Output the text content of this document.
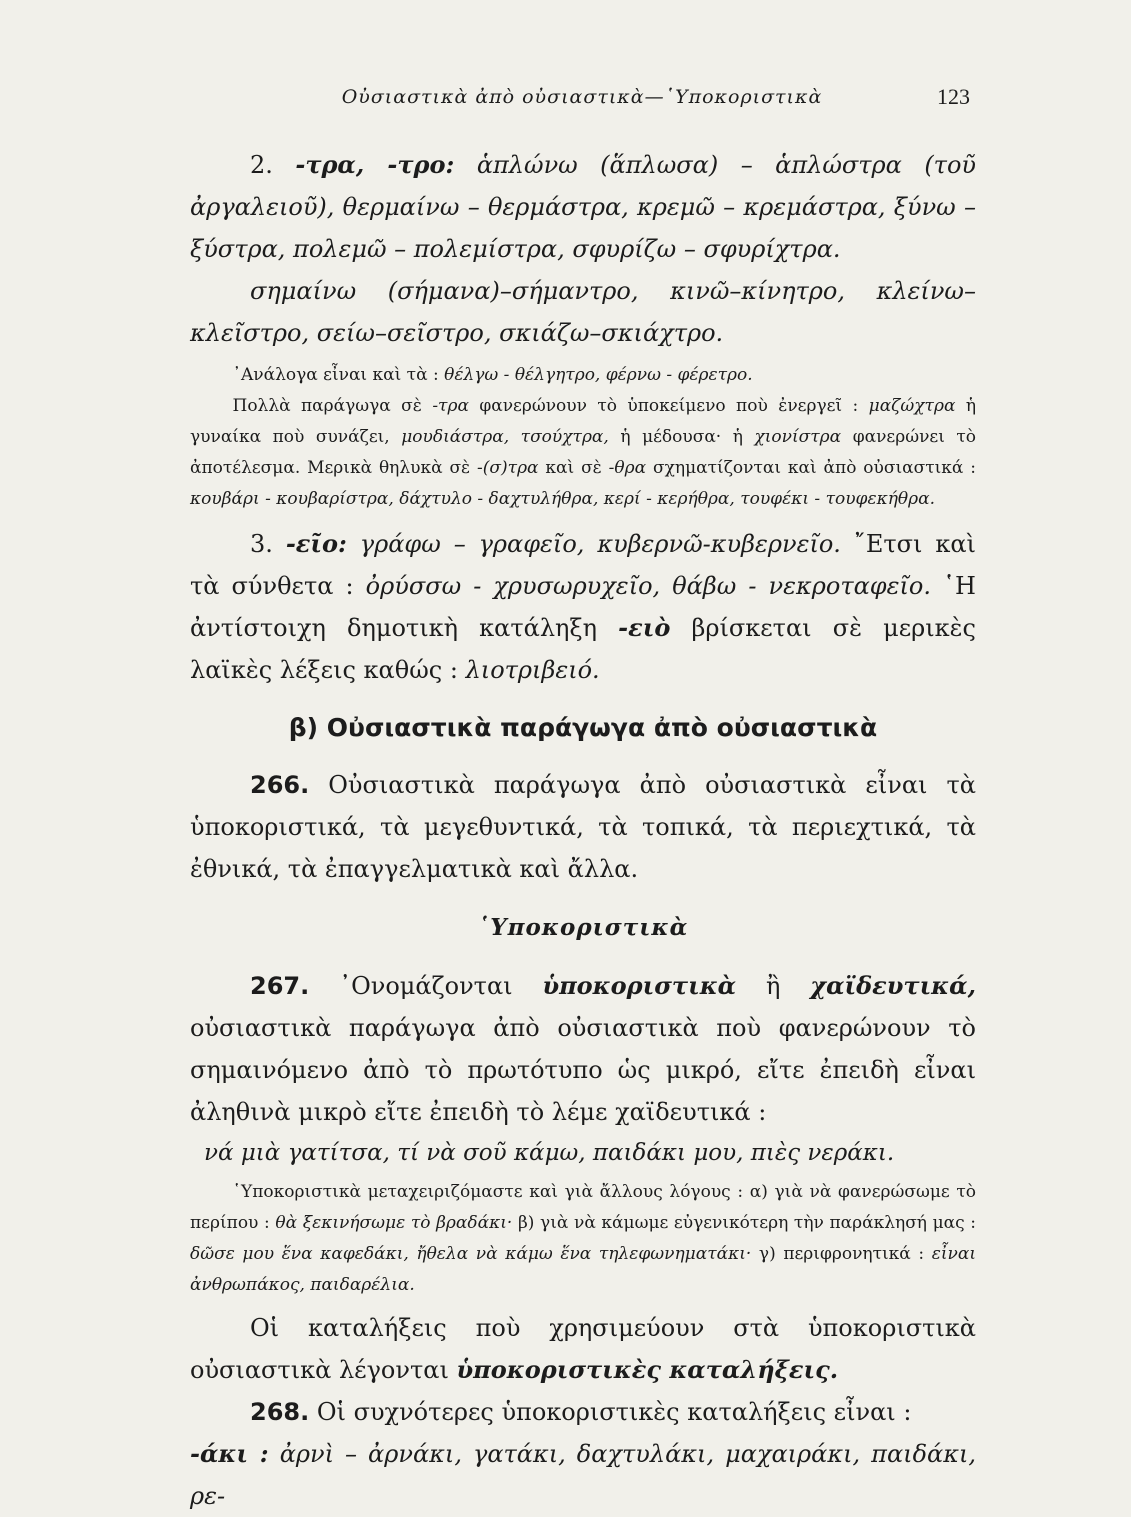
Οὐσιαστικὰ ἀπὸ οὐσιαστικὰ—῾Υποκοριστικὰ	123

2. -τρα, -τρο: ἁπλώνω (ἅπλωσα) – ἁπλώστρα (τοῦ ἀργαλειοῦ), θερμαίνω – θερμάστρα, κρεμῶ – κρεμάστρα, ξύνω – ξύστρα, πολεμῶ – πολεμίστρα, σφυρίζω – σφυρίχτρα.

σημαίνω (σήμανα)–σήμαντρο, κινῶ–κίνητρο, κλείνω–κλεῖστρο, σείω–σεῖστρο, σκιάζω–σκιάχτρο.

᾿Ανάλογα εἶναι καὶ τὰ : θέλγω - θέλγητρο, φέρνω - φέρετρο.

Πολλὰ παράγωγα σὲ -τρα φανερώνουν τὸ ὑποκείμενο ποὺ ἐνεργεῖ : μαζώχτρα ἡ γυναίκα ποὺ συνάζει, μουδιάστρα, τσούχτρα, ἡ μέδουσα· ἡ χιονίστρα φανερώνει τὸ ἀποτέλεσμα. Μερικὰ θηλυκὰ σὲ -(σ)τρα καὶ σὲ -θρα σχηματίζονται καὶ ἀπὸ οὐσιαστικά : κουβάρι - κουβαρίστρα, δάχτυλο - δαχτυλήθρα, κερί - κερήθρα, τουφέκι - τουφεκήθρα.

3. -εῖο: γράφω – γραφεῖο, κυβερνῶ-κυβερνεῖο. ῎Ετσι καὶ τὰ σύνθετα : ὀρύσσω - χρυσωρυχεῖο, θάβω - νεκροταφεῖο. ῾Η ἀντίστοιχη δημοτικὴ κατάληξη -ειὸ βρίσκεται σὲ μερικὲς λαϊκὲς λέξεις καθώς : λιοτριβειό.

β) Οὐσιαστικὰ παράγωγα ἀπὸ οὐσιαστικὰ

266. Οὐσιαστικὰ παράγωγα ἀπὸ οὐσιαστικὰ εἶναι τὰ ὑποκοριστικά, τὰ μεγεθυντικά, τὰ τοπικά, τὰ περιεχτικά, τὰ ἐθνικά, τὰ ἐπαγγελματικὰ καὶ ἄλλα.

῾Υποκοριστικὰ

267. ᾿Ονομάζονται ὑποκοριστικὰ ἢ χαϊδευτικά, οὐσιαστικὰ παράγωγα ἀπὸ οὐσιαστικὰ ποὺ φανερώνουν τὸ σημαινόμενο ἀπὸ τὸ πρωτότυπο ὡς μικρό, εἴτε ἐπειδὴ εἶναι ἀληθινὰ μικρὸ εἴτε ἐπειδὴ τὸ λέμε χαϊδευτικά :

νά μιὰ γατίτσα, τί νὰ σοῦ κάμω, παιδάκι μου, πιὲς νεράκι.

῾Υποκοριστικὰ μεταχειριζόμαστε καὶ γιὰ ἄλλους λόγους : α) γιὰ νὰ φανερώσωμε τὸ περίπου : θὰ ξεκινήσωμε τὸ βραδάκι· β) γιὰ νὰ κάμωμε εὐγενικότερη τὴν παράκλησή μας : δῶσε μου ἕνα καφεδάκι, ἤθελα νὰ κάμω ἕνα τηλεφωνηματάκι· γ) περιφρονητικά : εἶναι ἀνθρωπάκος, παιδαρέλια.

Οἱ καταλήξεις ποὺ χρησιμεύουν στὰ ὑποκοριστικὰ οὐσιαστικὰ λέγονται ὑποκοριστικὲς καταλήξεις.

268. Οἱ συχνότερες ὑποκοριστικὲς καταλήξεις εἶναι :

-άκι : ἀρνὶ – ἀρνάκι, γατάκι, δαχτυλάκι, μαχαιράκι, παιδάκι, ρε-
